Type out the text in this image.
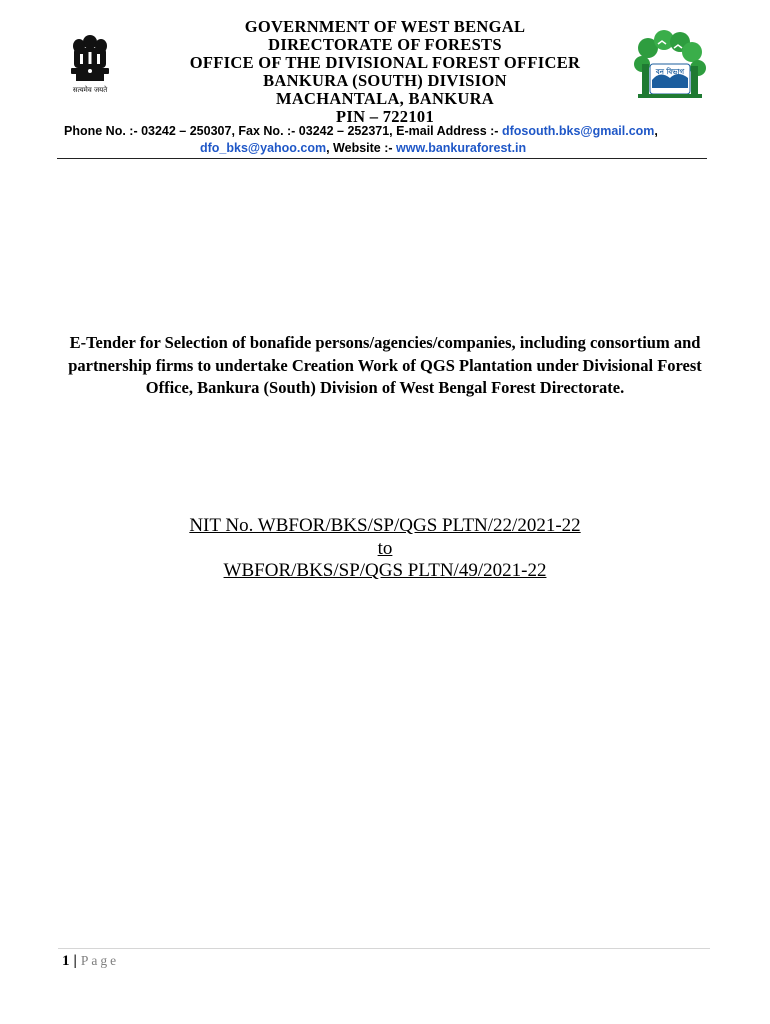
सत्यमेव जयते
GOVERNMENT OF WEST BENGAL
DIRECTORATE OF FORESTS
OFFICE OF THE DIVISIONAL FOREST OFFICER
BANKURA (SOUTH) DIVISION
MACHANTALA, BANKURA
PIN – 722101
বন বিভাগ
Phone No. :- 03242 – 250307, Fax No. :- 03242 – 252371, E-mail Address :- dfosouth.bks@gmail.com,
dfo_bks@yahoo.com, Website :- www.bankuraforest.in
E-Tender for Selection of bonafide persons/agencies/companies, including consortium and partnership firms to undertake Creation Work of QGS Plantation under Divisional Forest Office, Bankura (South) Division of West Bengal Forest Directorate.
NIT No. WBFOR/BKS/SP/QGS PLTN/22/2021-22
to
WBFOR/BKS/SP/QGS PLTN/49/2021-22
1 | Page
